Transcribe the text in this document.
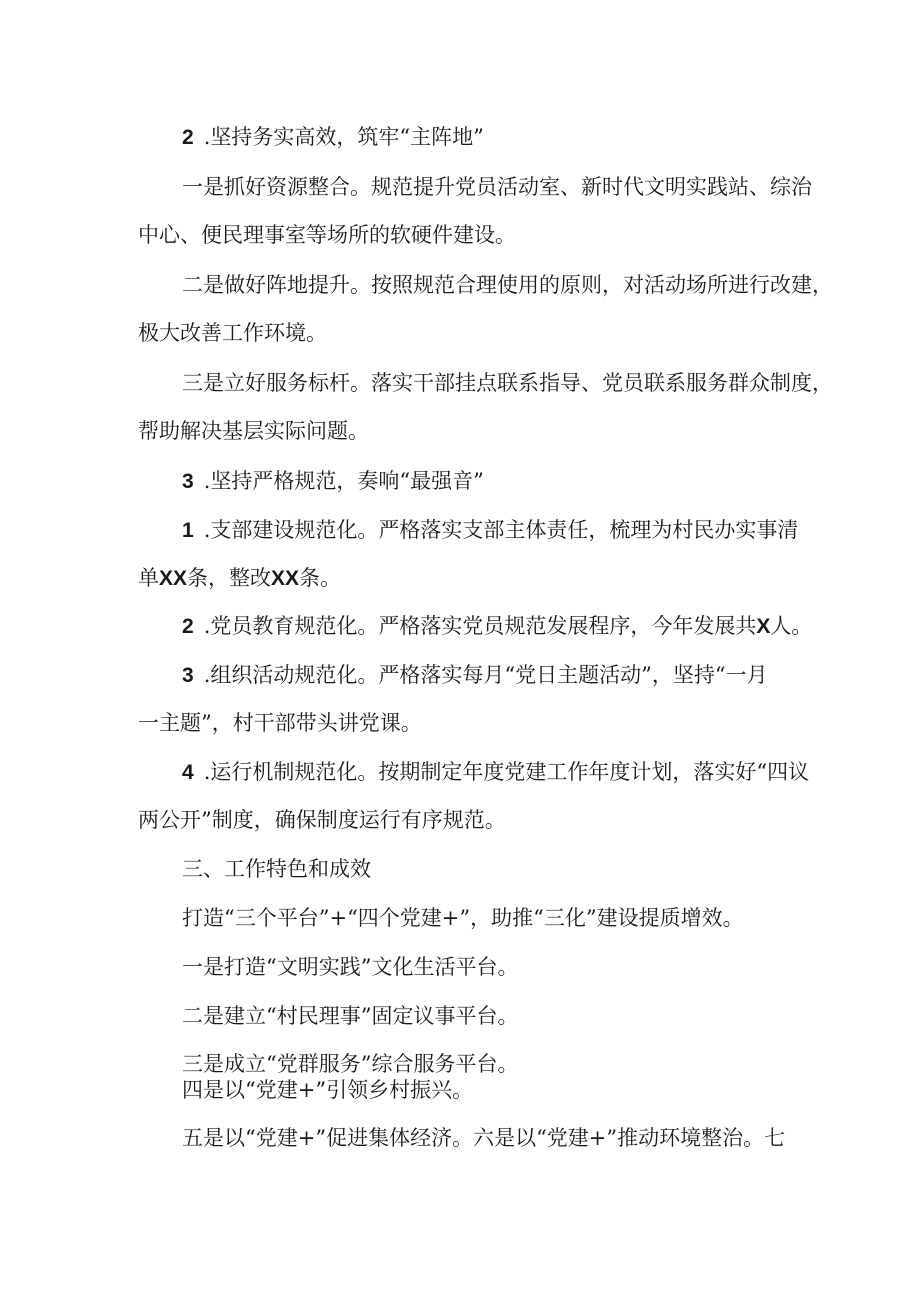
2 .坚持务实高效，筑牢“主阵地”
一是抓好资源整合。规范提升党员活动室、新时代文明实践站、综治
中心、便民理事室等场所的软硬件建设。
二是做好阵地提升。按照规范合理使用的原则，对活动场所进行改建，
极大改善工作环境。
三是立好服务标杆。落实干部挂点联系指导、党员联系服务群众制度，
帮助解决基层实际问题。
3 .坚持严格规范，奏响“最强音”
1 .支部建设规范化。严格落实支部主体责任，梳理为村民办实事清
单XX条，整改XX条。
2 .党员教育规范化。严格落实党员规范发展程序，今年发展共X人。
3 .组织活动规范化。严格落实每月“党日主题活动”，坚持“一月
一主题”，村干部带头讲党课。
4 .运行机制规范化。按期制定年度党建工作年度计划，落实好“四议
两公开”制度，确保制度运行有序规范。
三、工作特色和成效
打造“三个平台”+“四个党建+”，助推“三化”建设提质增效。
一是打造“文明实践”文化生活平台。
二是建立“村民理事”固定议事平台。
三是成立“党群服务”综合服务平台。
四是以“党建+”引领乡村振兴。
五是以“党建+”促进集体经济。六是以“党建+”推动环境整治。七
